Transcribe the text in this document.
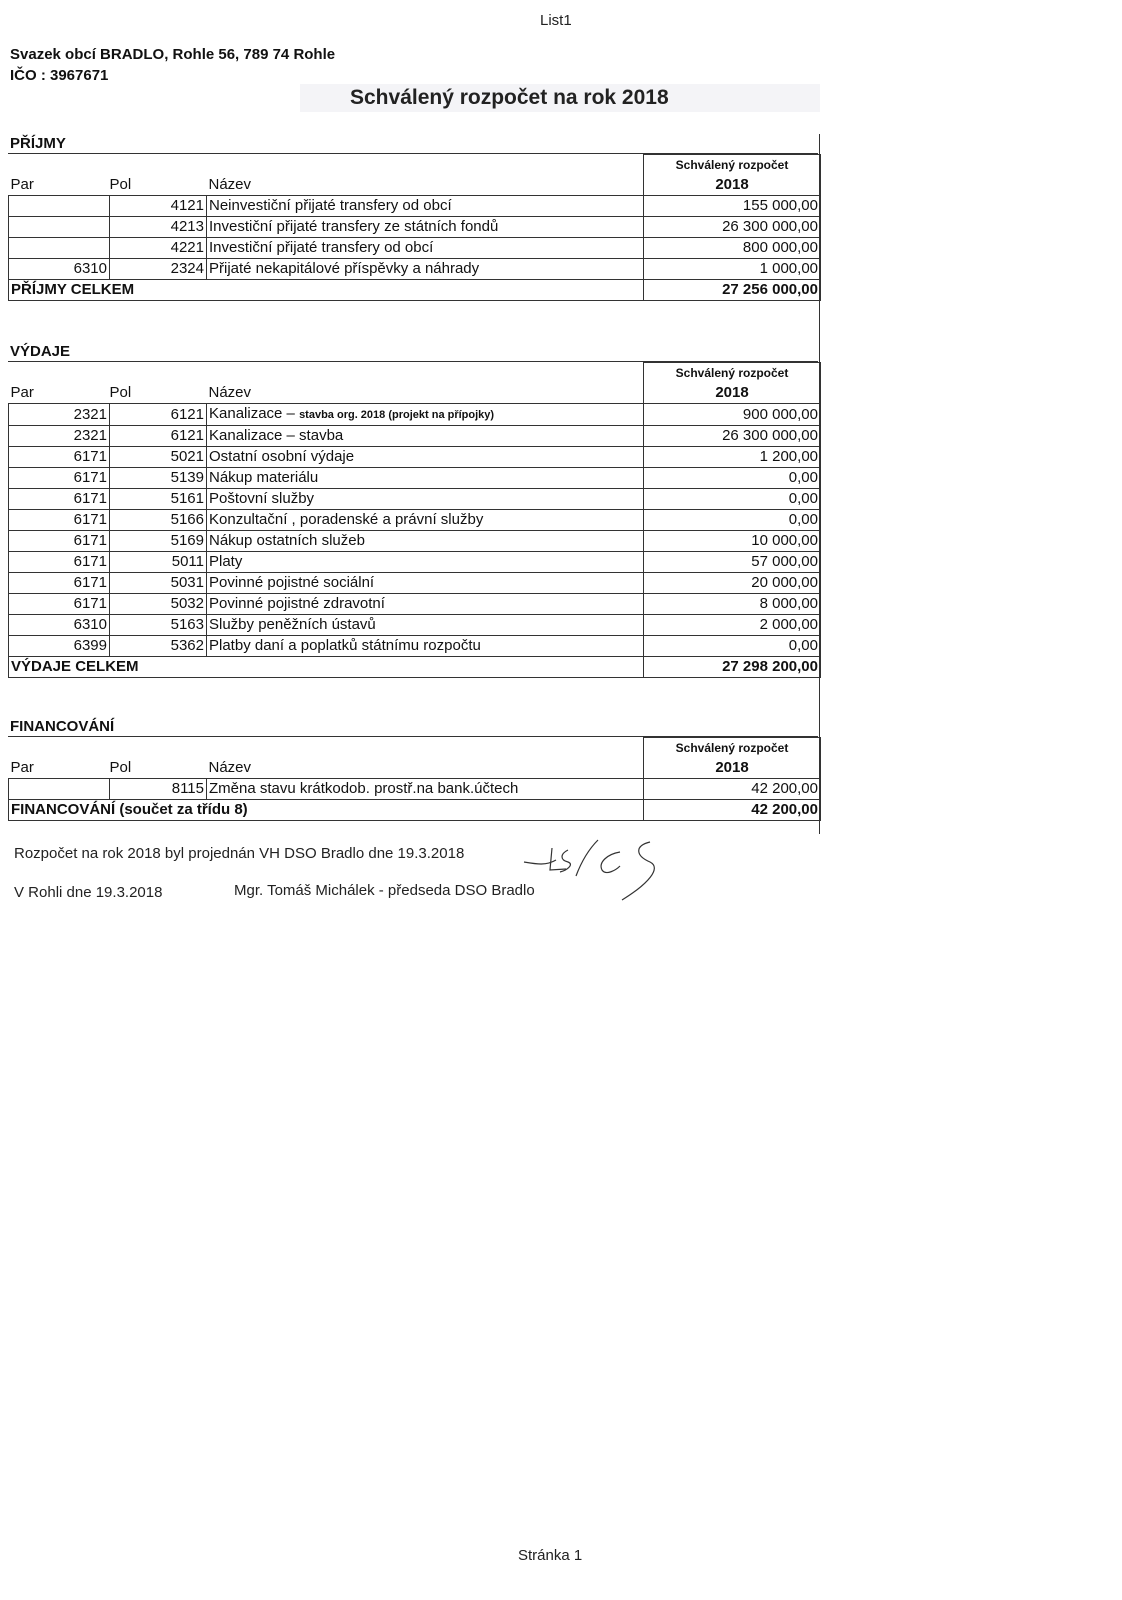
List1
Svazek obcí BRADLO, Rohle 56, 789 74 Rohle
IČO : 3967671
Schválený rozpočet na rok 2018
PŘÍJMY
			Schválený rozpočet
Par	Pol	Název	2018
	4121	Neinvestiční přijaté transfery od obcí	155 000,00
	4213	Investiční přijaté transfery ze státních fondů	26 300 000,00
	4221	Investiční přijaté transfery od obcí	800 000,00
6310	2324	Přijaté nekapitálové příspěvky a náhrady	1 000,00
PŘÍJMY CELKEM			27 256 000,00
VÝDAJE
			Schválený rozpočet
Par	Pol	Název	2018
2321	6121	Kanalizace – stavba org. 2018 (projekt na přípojky)	900 000,00
2321	6121	Kanalizace – stavba	26 300 000,00
6171	5021	Ostatní osobní výdaje	1 200,00
6171	5139	Nákup materiálu	0,00
6171	5161	Poštovní služby	0,00
6171	5166	Konzultační , poradenské a právní služby	0,00
6171	5169	Nákup ostatních služeb	10 000,00
6171	5011	Platy	57 000,00
6171	5031	Povinné pojistné sociální	20 000,00
6171	5032	Povinné pojistné zdravotní	8 000,00
6310	5163	Služby peněžních ústavů	2 000,00
6399	5362	Platby daní a poplatků státnímu rozpočtu	0,00
VÝDAJE CELKEM			27 298 200,00
FINANCOVÁNÍ
			Schválený rozpočet
Par	Pol	Název	2018
	8115	Změna stavu krátkodob. prostř.na bank.účtech	42 200,00
FINANCOVÁNÍ (součet za třídu 8)			42 200,00
Rozpočet na rok 2018 byl projednán VH DSO Bradlo dne 19.3.2018
V Rohli dne 19.3.2018	Mgr. Tomáš Michálek - předseda DSO Bradlo
Stránka 1
